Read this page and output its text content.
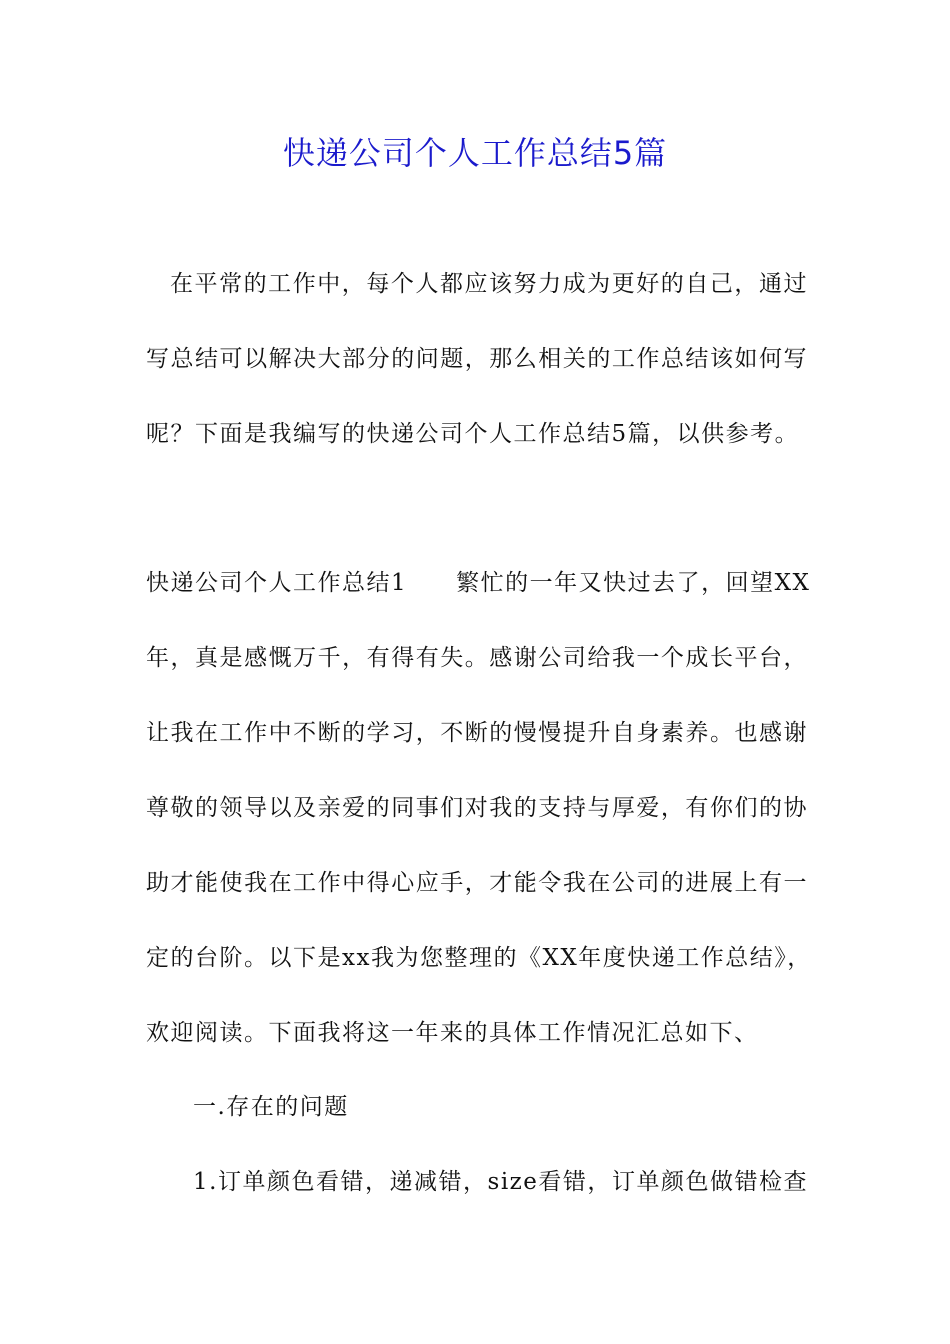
快递公司个人工作总结5篇

在平常的工作中，每个人都应该努力成为更好的自己，通过

写总结可以解决大部分的问题，那么相关的工作总结该如何写

呢？下面是我编写的快递公司个人工作总结5篇，以供参考。

快递公司个人工作总结1　　繁忙的一年又快过去了，回望XX

年，真是感慨万千，有得有失。感谢公司给我一个成长平台，

让我在工作中不断的学习，不断的慢慢提升自身素养。也感谢

尊敬的领导以及亲爱的同事们对我的支持与厚爱，有你们的协

助才能使我在工作中得心应手，才能令我在公司的进展上有一

定的台阶。以下是xx我为您整理的《XX年度快递工作总结》，

欢迎阅读。下面我将这一年来的具体工作情况汇总如下、

一.存在的问题

1.订单颜色看错，递减错，size看错，订单颜色做错检查
